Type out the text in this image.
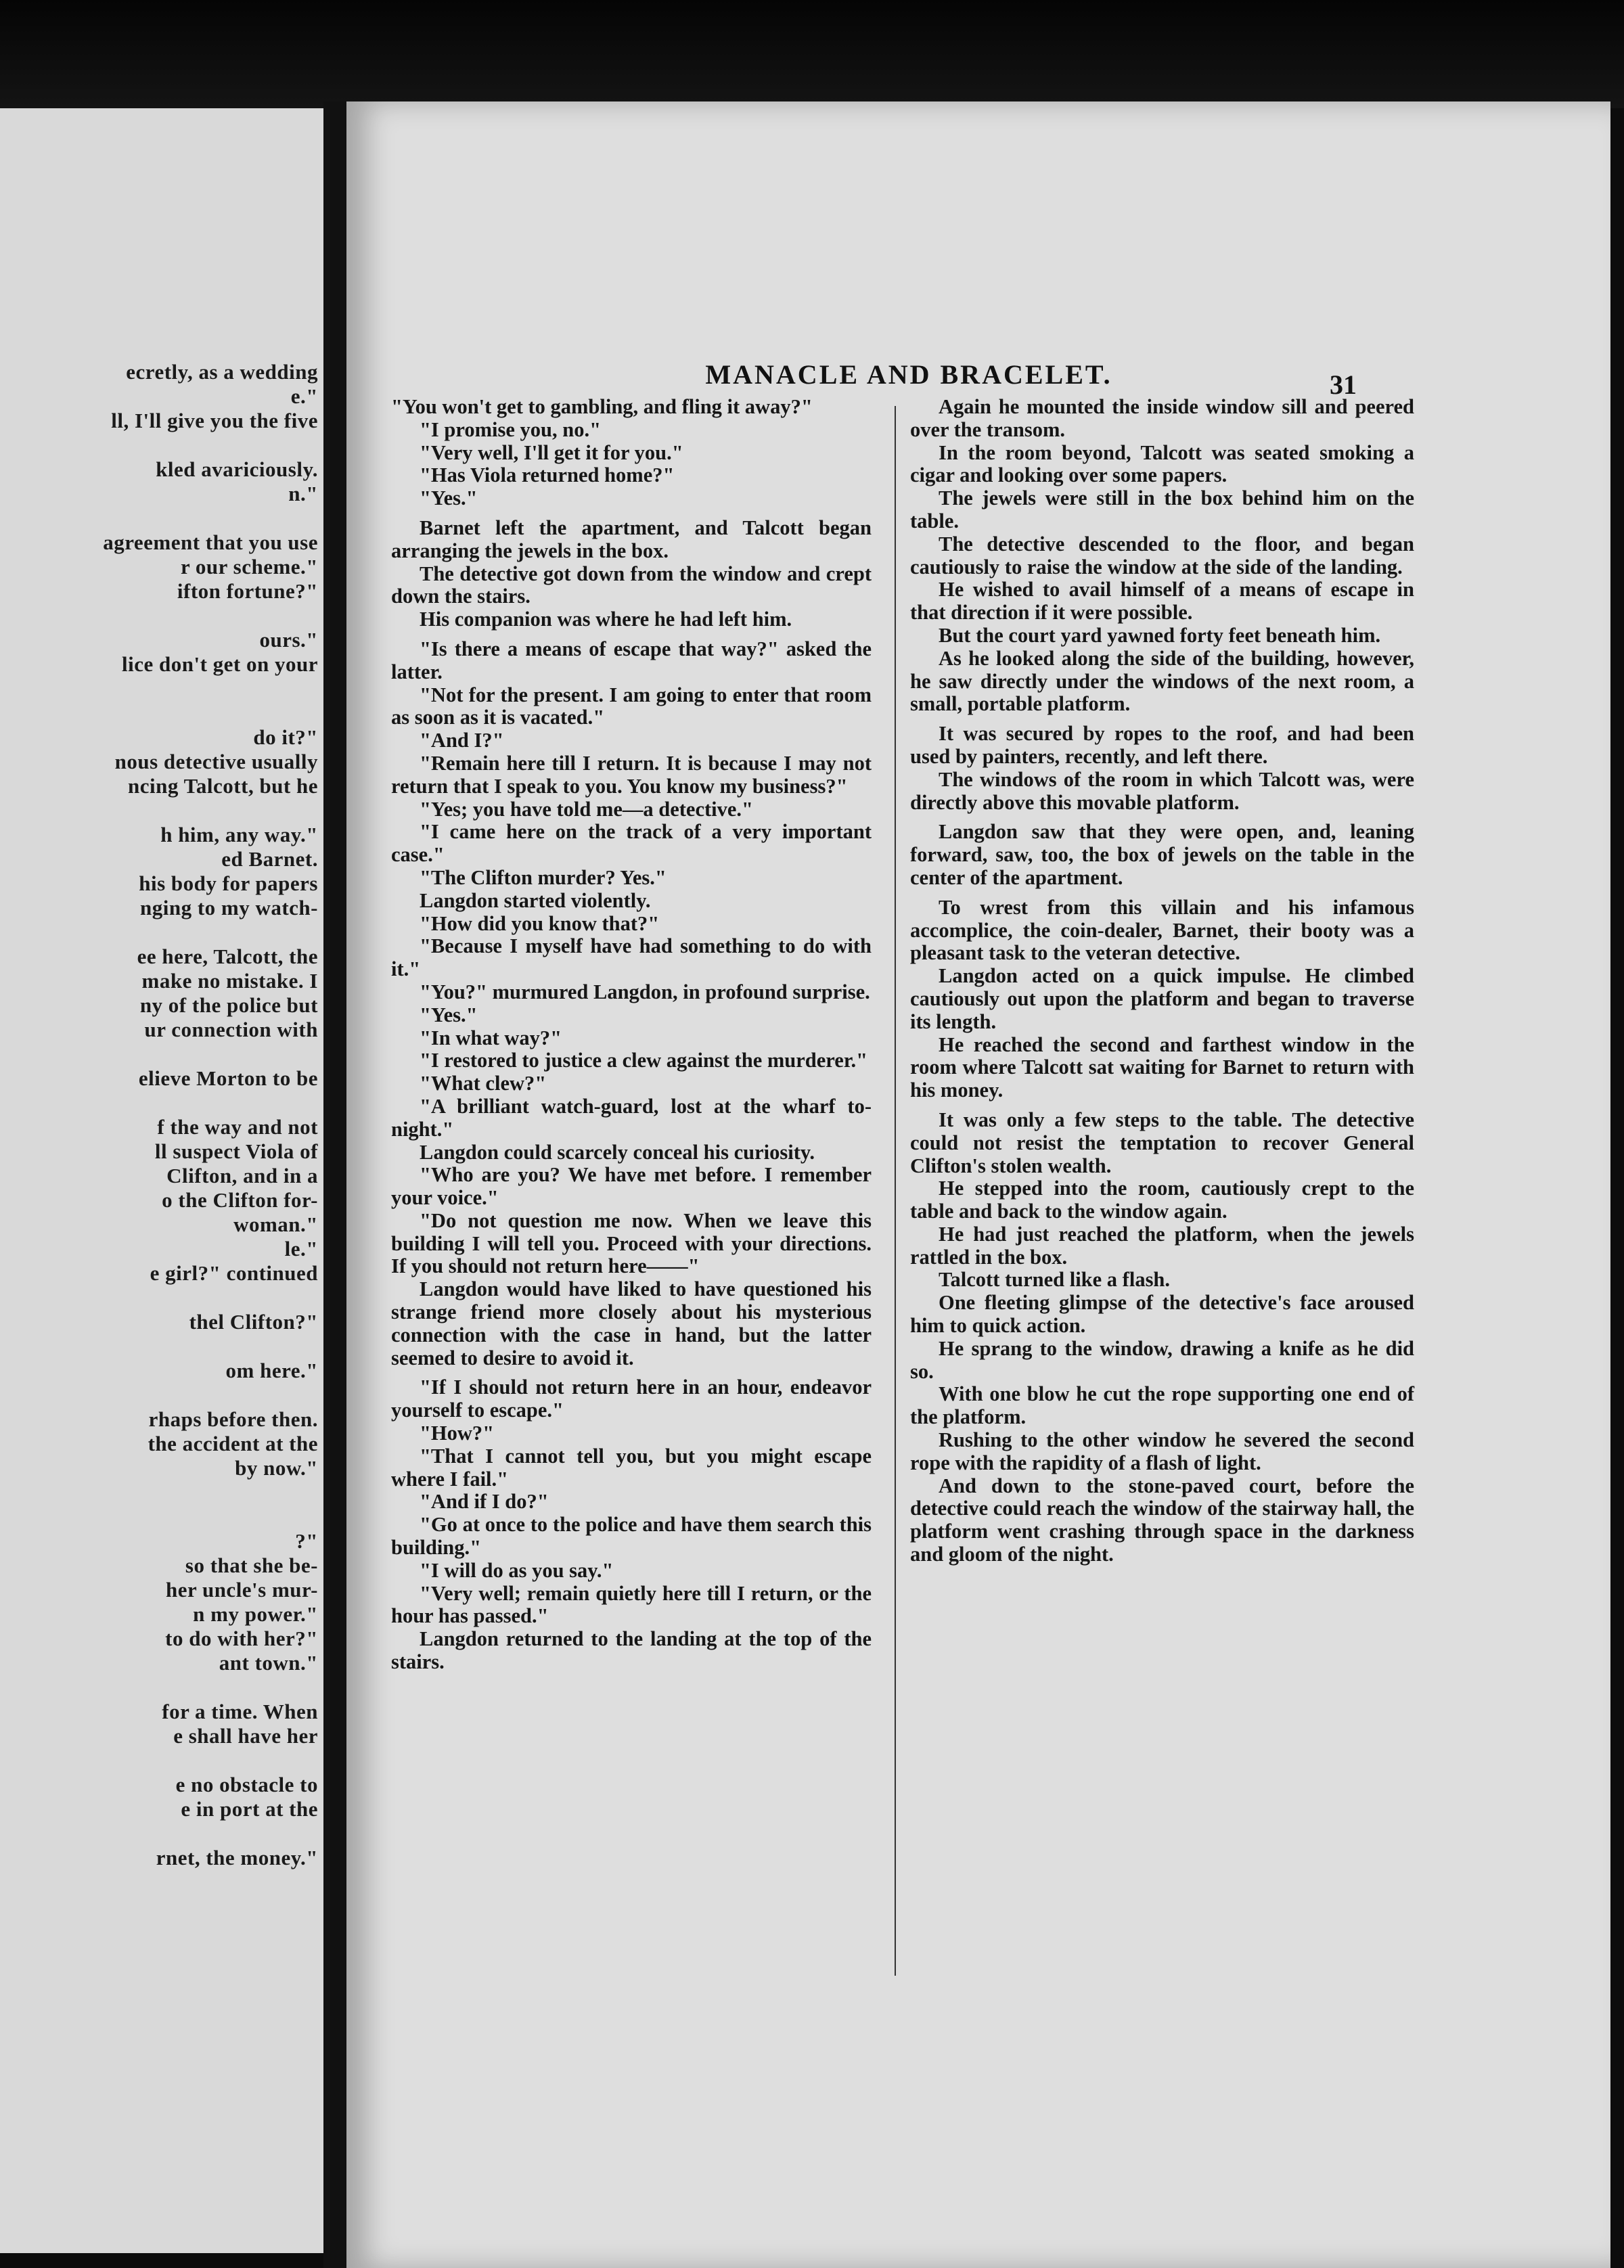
ecretly, as a wedding
e."
ll, I'll give you the five
kled avariciously.
n."
agreement that you use
r our scheme."
ifton fortune?"
ours."
lice don't get on your
do it?"
nous detective usually
ncing Talcott, but he
h him, any way."
ed Barnet.
his body for papers
nging to my watch-
ee here, Talcott, the
make no mistake. I
ny of the police but
ur connection with
elieve Morton to be
f the way and not
ll suspect Viola of
Clifton, and in a
o the Clifton for-
woman."
le."
e girl?" continued
thel Clifton?"
om here."
rhaps before then.
the accident at the
by now."
?"
so that she be-
her uncle's mur-
n my power."
to do with her?"
ant town."
for a time. When
e shall have her
e no obstacle to
e in port at the
rnet, the money."
MANACLE AND BRACELET.	31

"You won't get to gambling, and fling it away?"

"I promise you, no."

"Very well, I'll get it for you."

"Has Viola returned home?"

"Yes."

Barnet left the apartment, and Talcott began arranging the jewels in the box.

The detective got down from the window and crept down the stairs.

His companion was where he had left him.

"Is there a means of escape that way?" asked the latter.

"Not for the present. I am going to enter that room as soon as it is vacated."

"And I?"

"Remain here till I return. It is because I may not return that I speak to you. You know my business?"

"Yes; you have told me—a detective."

"I came here on the track of a very important case."

"The Clifton murder? Yes."

Langdon started violently.

"How did you know that?"

"Because I myself have had something to do with it."

"You?" murmured Langdon, in profound surprise.

"Yes."

"In what way?"

"I restored to justice a clew against the murderer."

"What clew?"

"A brilliant watch-guard, lost at the wharf to-night."

Langdon could scarcely conceal his curiosity.

"Who are you? We have met before. I remember your voice."

"Do not question me now. When we leave this building I will tell you. Proceed with your directions. If you should not return here——"

Langdon would have liked to have questioned his strange friend more closely about his mysterious connection with the case in hand, but the latter seemed to desire to avoid it.

"If I should not return here in an hour, endeavor yourself to escape."

"How?"

"That I cannot tell you, but you might escape where I fail."

"And if I do?"

"Go at once to the police and have them search this building."

"I will do as you say."

"Very well; remain quietly here till I return, or the hour has passed."

Langdon returned to the landing at the top of the stairs.

Again he mounted the inside window sill and peered over the transom.

In the room beyond, Talcott was seated smoking a cigar and looking over some papers.

The jewels were still in the box behind him on the table.

The detective descended to the floor, and began cautiously to raise the window at the side of the landing.

He wished to avail himself of a means of escape in that direction if it were possible.

But the court yard yawned forty feet beneath him.

As he looked along the side of the building, however, he saw directly under the windows of the next room, a small, portable platform.

It was secured by ropes to the roof, and had been used by painters, recently, and left there.

The windows of the room in which Talcott was, were directly above this movable platform.

Langdon saw that they were open, and, leaning forward, saw, too, the box of jewels on the table in the center of the apartment.

To wrest from this villain and his infamous accomplice, the coin-dealer, Barnet, their booty was a pleasant task to the veteran detective.

Langdon acted on a quick impulse. He climbed cautiously out upon the platform and began to traverse its length.

He reached the second and farthest window in the room where Talcott sat waiting for Barnet to return with his money.

It was only a few steps to the table. The detective could not resist the temptation to recover General Clifton's stolen wealth.

He stepped into the room, cautiously crept to the table and back to the window again.

He had just reached the platform, when the jewels rattled in the box.

Talcott turned like a flash.

One fleeting glimpse of the detective's face aroused him to quick action.

He sprang to the window, drawing a knife as he did so.

With one blow he cut the rope supporting one end of the platform.

Rushing to the other window he severed the second rope with the rapidity of a flash of light.

And down to the stone-paved court, before the detective could reach the window of the stairway hall, the platform went crashing through space in the darkness and gloom of the night.
